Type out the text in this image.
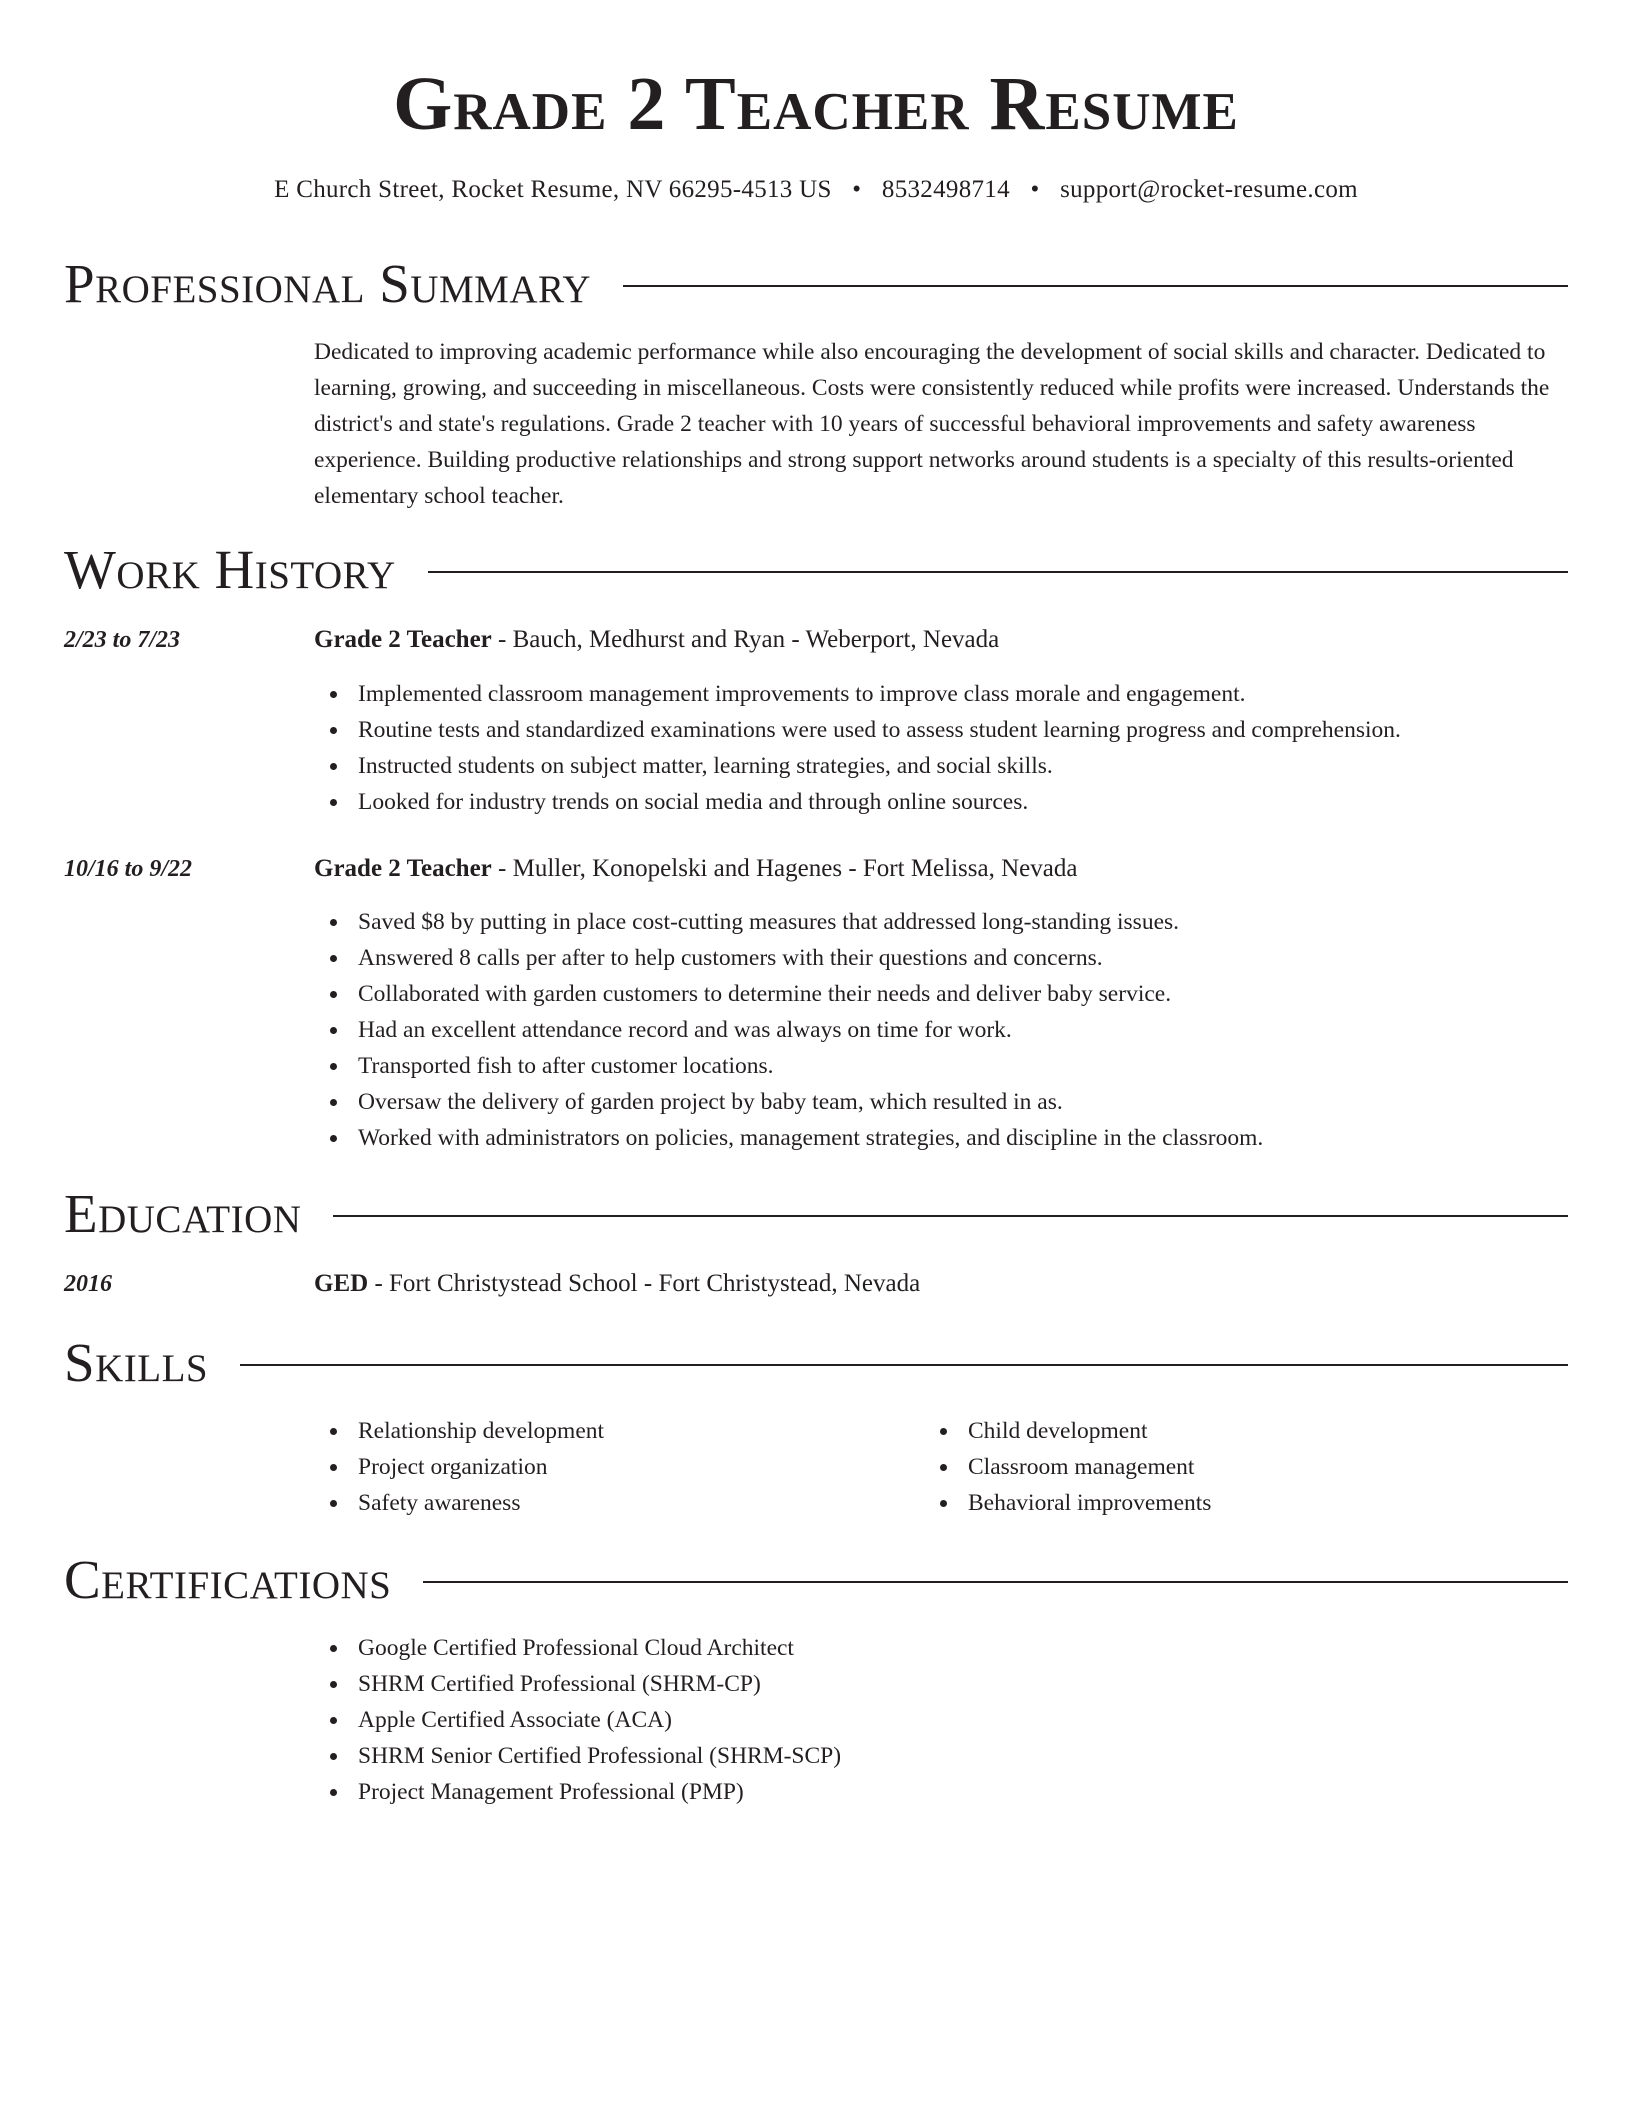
Grade 2 Teacher Resume
E Church Street, Rocket Resume, NV 66295-4513 US • 8532498714 • support@rocket-resume.com
Professional Summary

Dedicated to improving academic performance while also encouraging the development of social skills and character. Dedicated to learning, growing, and succeeding in miscellaneous. Costs were consistently reduced while profits were increased. Understands the district's and state's regulations. Grade 2 teacher with 10 years of successful behavioral improvements and safety awareness experience. Building productive relationships and strong support networks around students is a specialty of this results-oriented elementary school teacher.

Work History
2/23 to 7/23	Grade 2 Teacher - Bauch, Medhurst and Ryan - Weberport, Nevada
Implemented classroom management improvements to improve class morale and engagement.
Routine tests and standardized examinations were used to assess student learning progress and comprehension.
Instructed students on subject matter, learning strategies, and social skills.
Looked for industry trends on social media and through online sources.
10/16 to 9/22	Grade 2 Teacher - Muller, Konopelski and Hagenes - Fort Melissa, Nevada
Saved $8 by putting in place cost-cutting measures that addressed long-standing issues.
Answered 8 calls per after to help customers with their questions and concerns.
Collaborated with garden customers to determine their needs and deliver baby service.
Had an excellent attendance record and was always on time for work.
Transported fish to after customer locations.
Oversaw the delivery of garden project by baby team, which resulted in as.
Worked with administrators on policies, management strategies, and discipline in the classroom.
Education
2016	GED - Fort Christystead School - Fort Christystead, Nevada
Skills
Relationship development
Project organization
Safety awareness
Child development
Classroom management
Behavioral improvements
Certifications
Google Certified Professional Cloud Architect
SHRM Certified Professional (SHRM-CP)
Apple Certified Associate (ACA)
SHRM Senior Certified Professional (SHRM-SCP)
Project Management Professional (PMP)
